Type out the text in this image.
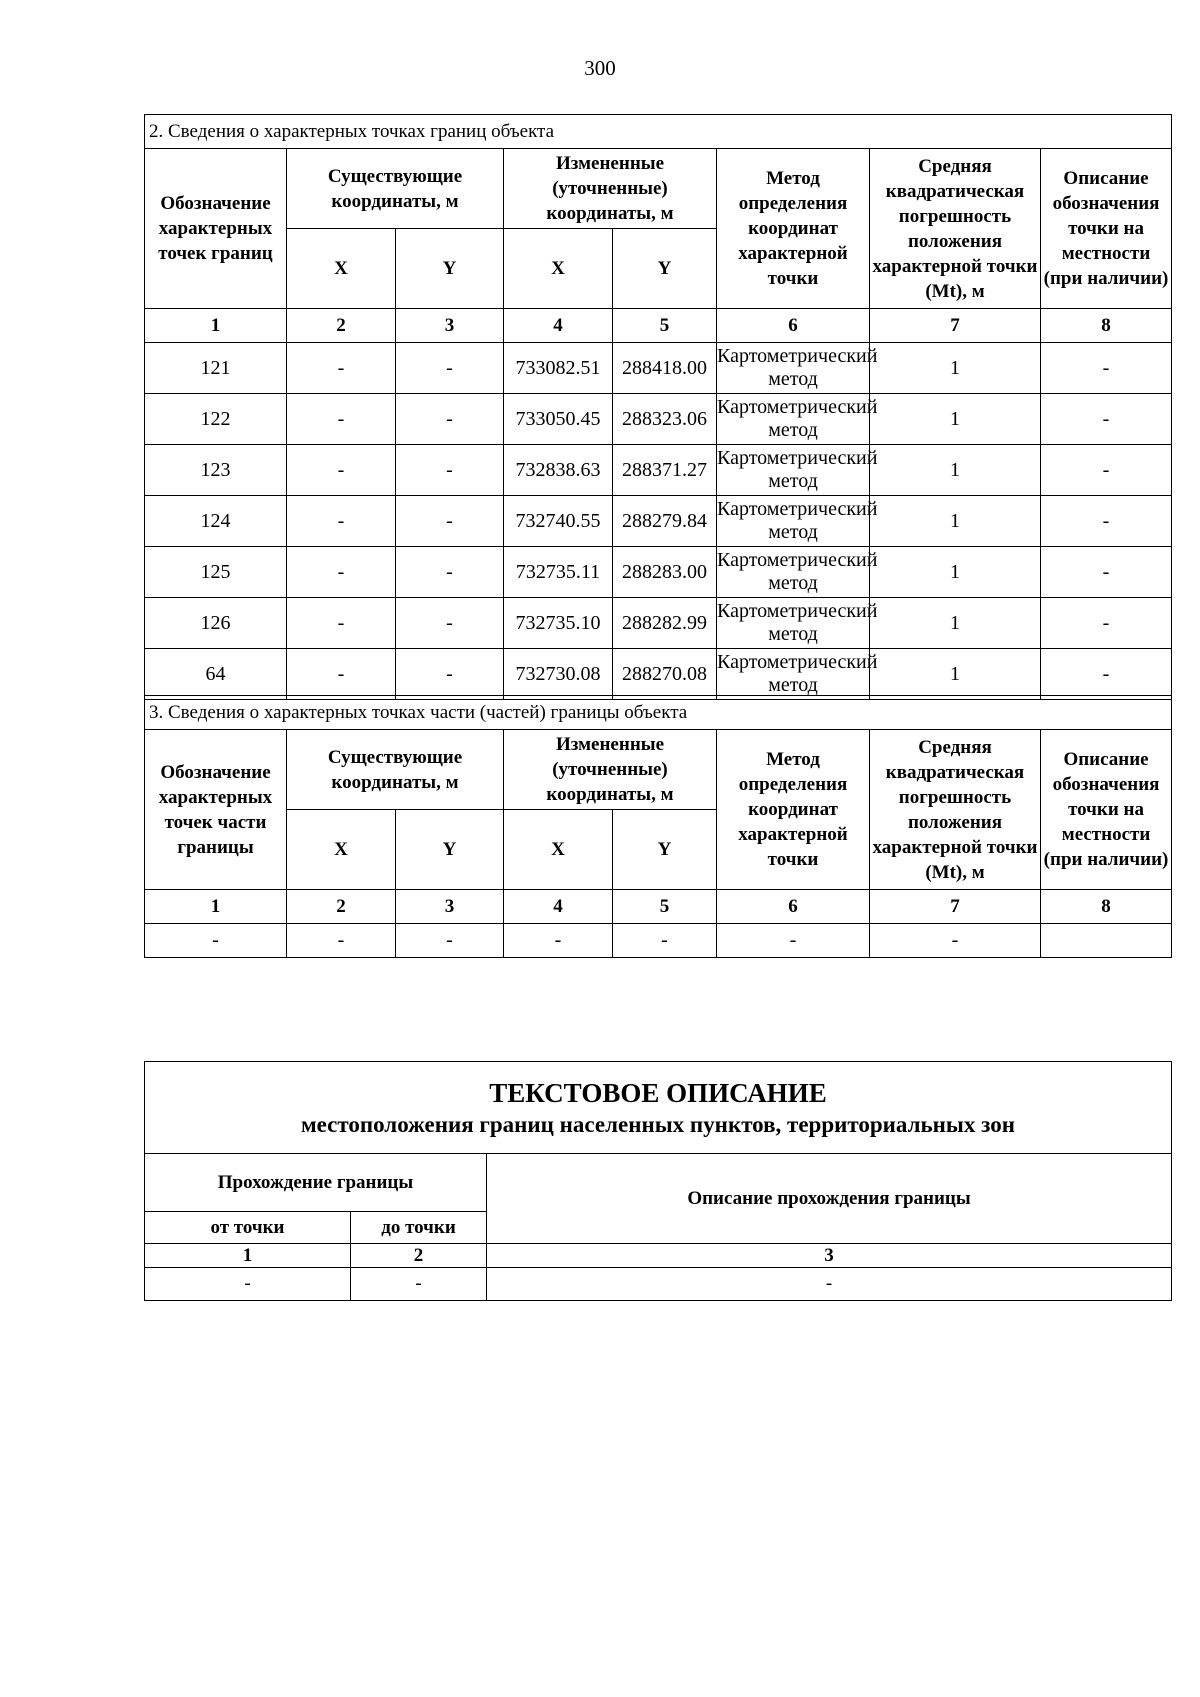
300
2. Сведения о характерных точках границ объекта							
Обозначение характерных точек границ	Существующие координаты, м		Измененные (уточненные) координаты, м		Метод определения координат характерной точки	Средняя квадратическая погрешность положения характерной точки (Mt), м	Описание обозначения точки на местности (при наличии)
	X	Y	X	Y			
1	2	3	4	5	6	7	8
121	-	-	733082.51	288418.00	Картометрический метод	1	-
122	-	-	733050.45	288323.06	Картометрический метод	1	-
123	-	-	732838.63	288371.27	Картометрический метод	1	-
124	-	-	732740.55	288279.84	Картометрический метод	1	-
125	-	-	732735.11	288283.00	Картометрический метод	1	-
126	-	-	732735.10	288282.99	Картометрический метод	1	-
64	-	-	732730.08	288270.08	Картометрический метод	1	-
3. Сведения о характерных точках части (частей) границы объекта							
Обозначение характерных точек части границы	Существующие координаты, м		Измененные (уточненные) координаты, м		Метод определения координат характерной точки	Средняя квадратическая погрешность положения характерной точки (Mt), м	Описание обозначения точки на местности (при наличии)
	X	Y	X	Y			
1	2	3	4	5	6	7	8
-	-	-	-	-	-	-	
ТЕКСТОВОЕ ОПИСАНИЕ
местоположения границ населенных пунктов, территориальных зон		

Прохождение границы		Описание прохождения границы
от точки	до точки	
1	2	3
-	-	-
